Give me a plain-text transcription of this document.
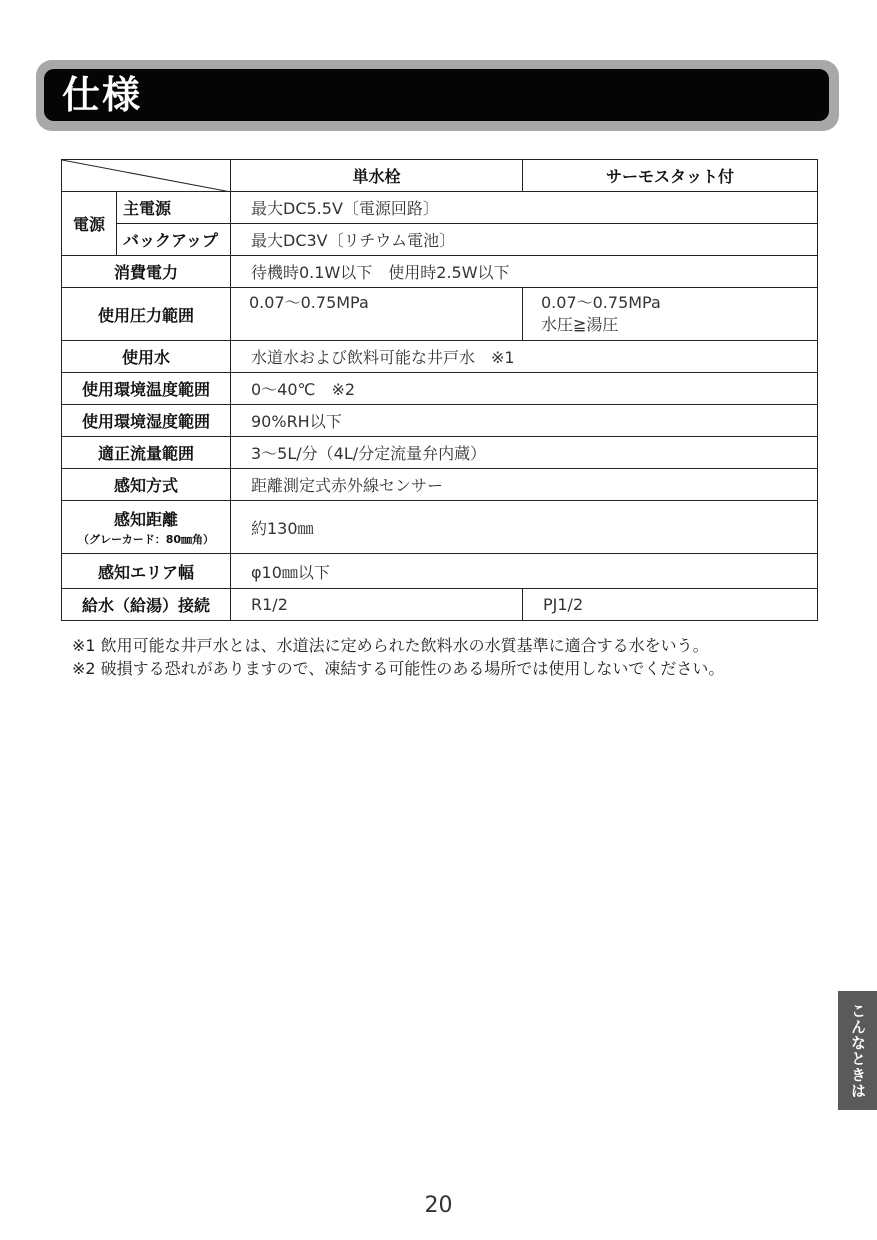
仕様
	単水栓	サーモスタット付
電源	主電源	最大DC5.5V〔電源回路〕	
	バックアップ	最大DC3V〔リチウム電池〕	
消費電力		待機時0.1W以下　使用時2.5W以下	
使用圧力範囲		0.07〜0.75MPa	0.07〜0.75MPa
水圧≧湯圧
使用水		水道水および飲料可能な井戸水　※1	
使用環境温度範囲		0〜40℃　※2	
使用環境湿度範囲		90%RH以下	
適正流量範囲		3〜5L/分（4L/分定流量弁内蔵）	
感知方式		距離測定式赤外線センサー	
感知距離
（グレーカード：80㎜角）		約130㎜	
感知エリア幅		φ10㎜以下	
給水（給湯）接続		R1/2	PJ1/2
※1 飲用可能な井戸水とは、水道法に定められた飲料水の水質基準に適合する水をいう。
※2 破損する恐れがありますので、凍結する可能性のある場所では使用しないでください。
こんなときは
20
